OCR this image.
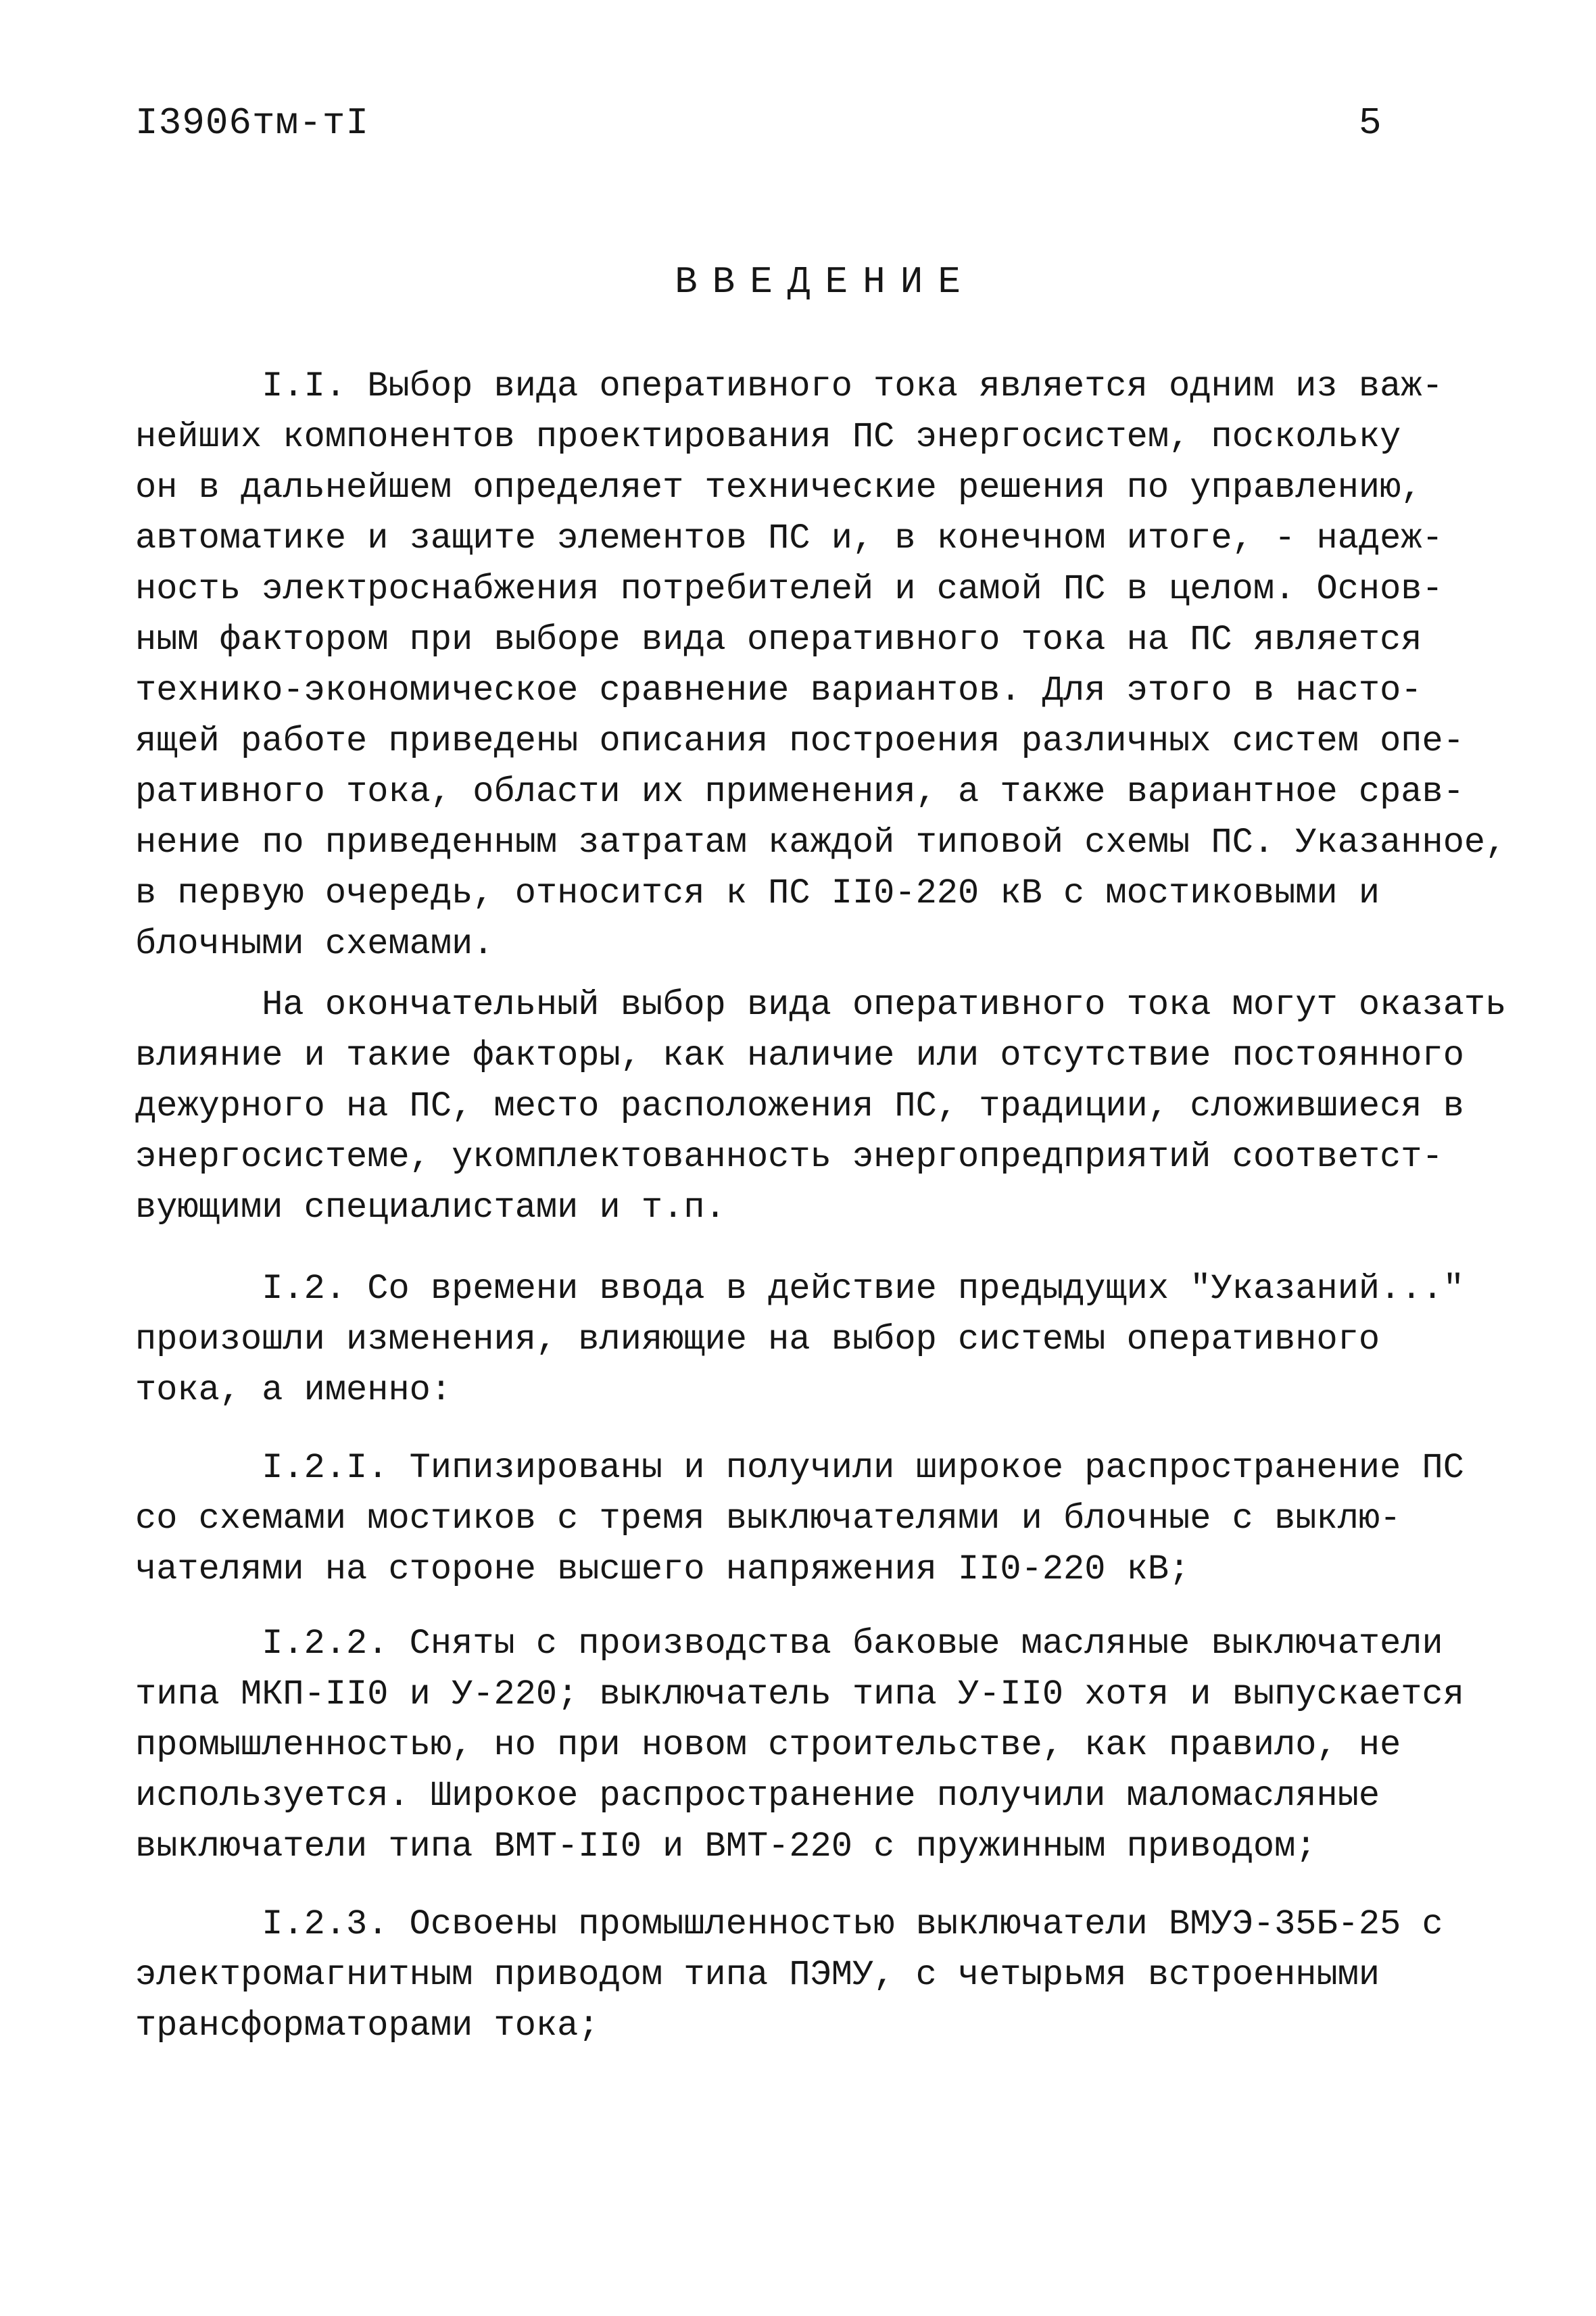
I3906тм-тI	5
ВВЕДЕНИЕ
I.I. Выбор вида оперативного тока является одним из важ-
нейших компонентов проектирования ПС энергосистем, поскольку
он в дальнейшем определяет технические решения по управлению,
автоматике и защите элементов ПС и, в конечном итоге, - надеж-
ность электроснабжения потребителей и самой ПС в целом. Основ-
ным фактором при выборе вида оперативного тока на ПС является
технико-экономическое сравнение вариантов. Для этого в насто-
ящей работе приведены описания построения различных систем опе-
ративного тока, области их применения, а также вариантное срав-
нение по приведенным затратам каждой типовой схемы ПС. Указанное,
в первую очередь, относится к ПС II0-220 кВ с мостиковыми и
блочными схемами.
На окончательный выбор вида оперативного тока могут оказать
влияние и такие факторы, как наличие или отсутствие постоянного
дежурного на ПС, место расположения ПС, традиции, сложившиеся в
энергосистеме, укомплектованность энергопредприятий соответст-
вующими специалистами и т.п.
I.2. Со времени ввода в действие предыдущих "Указаний..."
произошли изменения, влияющие на выбор системы оперативного
тока, а именно:
I.2.I. Типизированы и получили широкое распространение ПС
со схемами мостиков с тремя выключателями и блочные с выклю-
чателями на стороне высшего напряжения II0-220 кВ;
I.2.2. Сняты с производства баковые масляные выключатели
типа МКП-II0 и У-220; выключатель типа У-II0 хотя и выпускается
промышленностью, но при новом строительстве, как правило, не
используется. Широкое распространение получили маломасляные
выключатели типа ВМТ-II0 и ВМТ-220 с пружинным приводом;
I.2.3. Освоены промышленностью выключатели ВМУЭ-35Б-25 с
электромагнитным приводом типа ПЭМУ, с четырьмя встроенными
трансформаторами тока;
